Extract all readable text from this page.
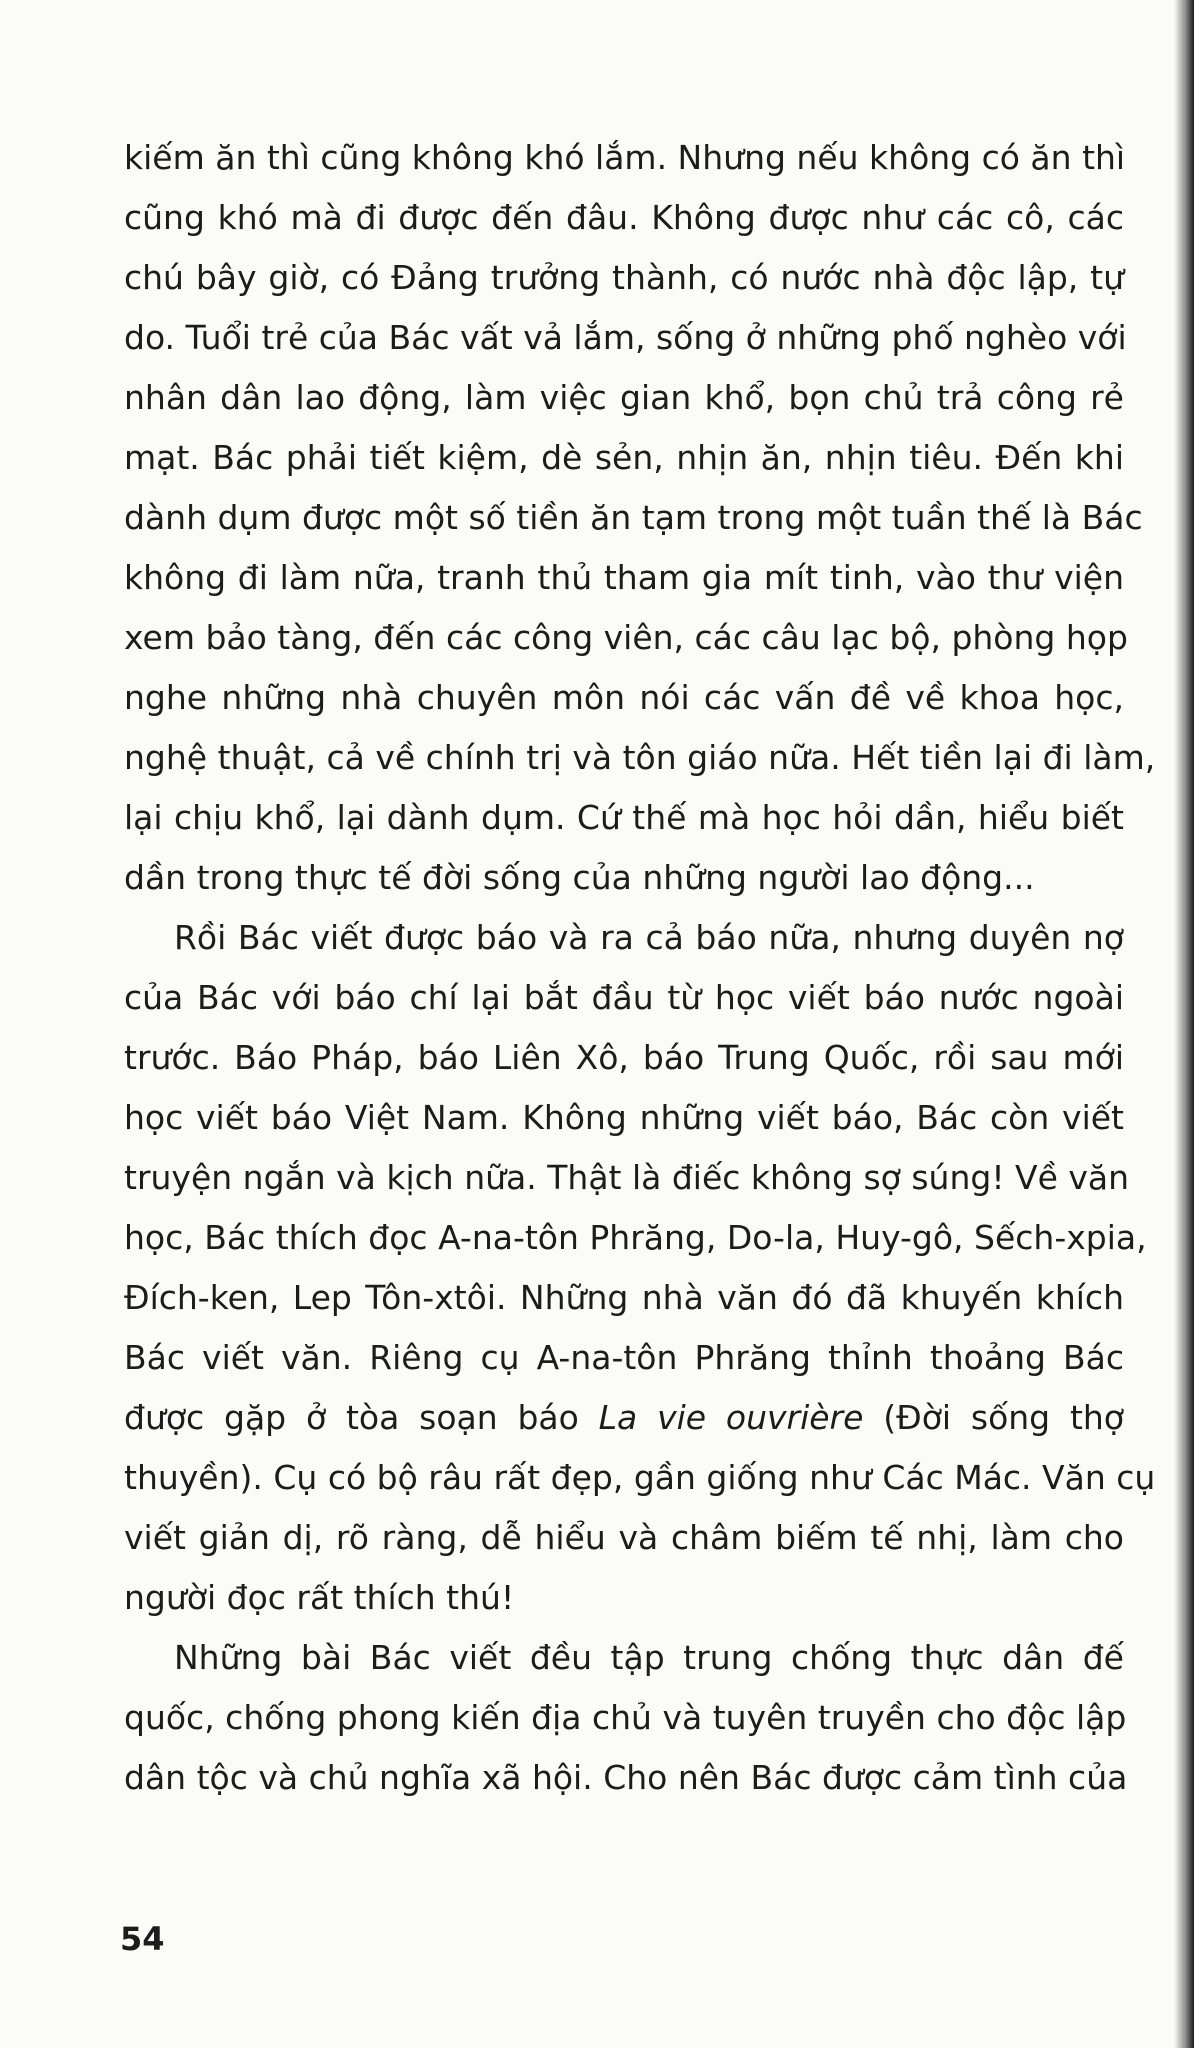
kiếm ăn thì cũng không khó lắm. Nhưng nếu không có ăn thì
cũng khó mà đi được đến đâu. Không được như các cô, các
chú bây giờ, có Đảng trưởng thành, có nước nhà độc lập, tự
do. Tuổi trẻ của Bác vất vả lắm, sống ở những phố nghèo với
nhân dân lao động, làm việc gian khổ, bọn chủ trả công rẻ
mạt. Bác phải tiết kiệm, dè sẻn, nhịn ăn, nhịn tiêu. Đến khi
dành dụm được một số tiền ăn tạm trong một tuần thế là Bác
không đi làm nữa, tranh thủ tham gia mít tinh, vào thư viện
xem bảo tàng, đến các công viên, các câu lạc bộ, phòng họp
nghe những nhà chuyên môn nói các vấn đề về khoa học,
nghệ thuật, cả về chính trị và tôn giáo nữa. Hết tiền lại đi làm,
lại chịu khổ, lại dành dụm. Cứ thế mà học hỏi dần, hiểu biết
dần trong thực tế đời sống của những người lao động...
Rồi Bác viết được báo và ra cả báo nữa, nhưng duyên nợ
của Bác với báo chí lại bắt đầu từ học viết báo nước ngoài
trước. Báo Pháp, báo Liên Xô, báo Trung Quốc, rồi sau mới
học viết báo Việt Nam. Không những viết báo, Bác còn viết
truyện ngắn và kịch nữa. Thật là điếc không sợ súng! Về văn
học, Bác thích đọc A-na-tôn Phrăng, Do-la, Huy-gô, Sếch-xpia,
Đích-ken, Lep Tôn-xtôi. Những nhà văn đó đã khuyến khích
Bác viết văn. Riêng cụ A-na-tôn Phrăng thỉnh thoảng Bác
được gặp ở tòa soạn báo La vie ouvrière (Đời sống thợ
thuyền). Cụ có bộ râu rất đẹp, gần giống như Các Mác. Văn cụ
viết giản dị, rõ ràng, dễ hiểu và châm biếm tế nhị, làm cho
người đọc rất thích thú!
Những bài Bác viết đều tập trung chống thực dân đế
quốc, chống phong kiến địa chủ và tuyên truyền cho độc lập
dân tộc và chủ nghĩa xã hội. Cho nên Bác được cảm tình của
54
